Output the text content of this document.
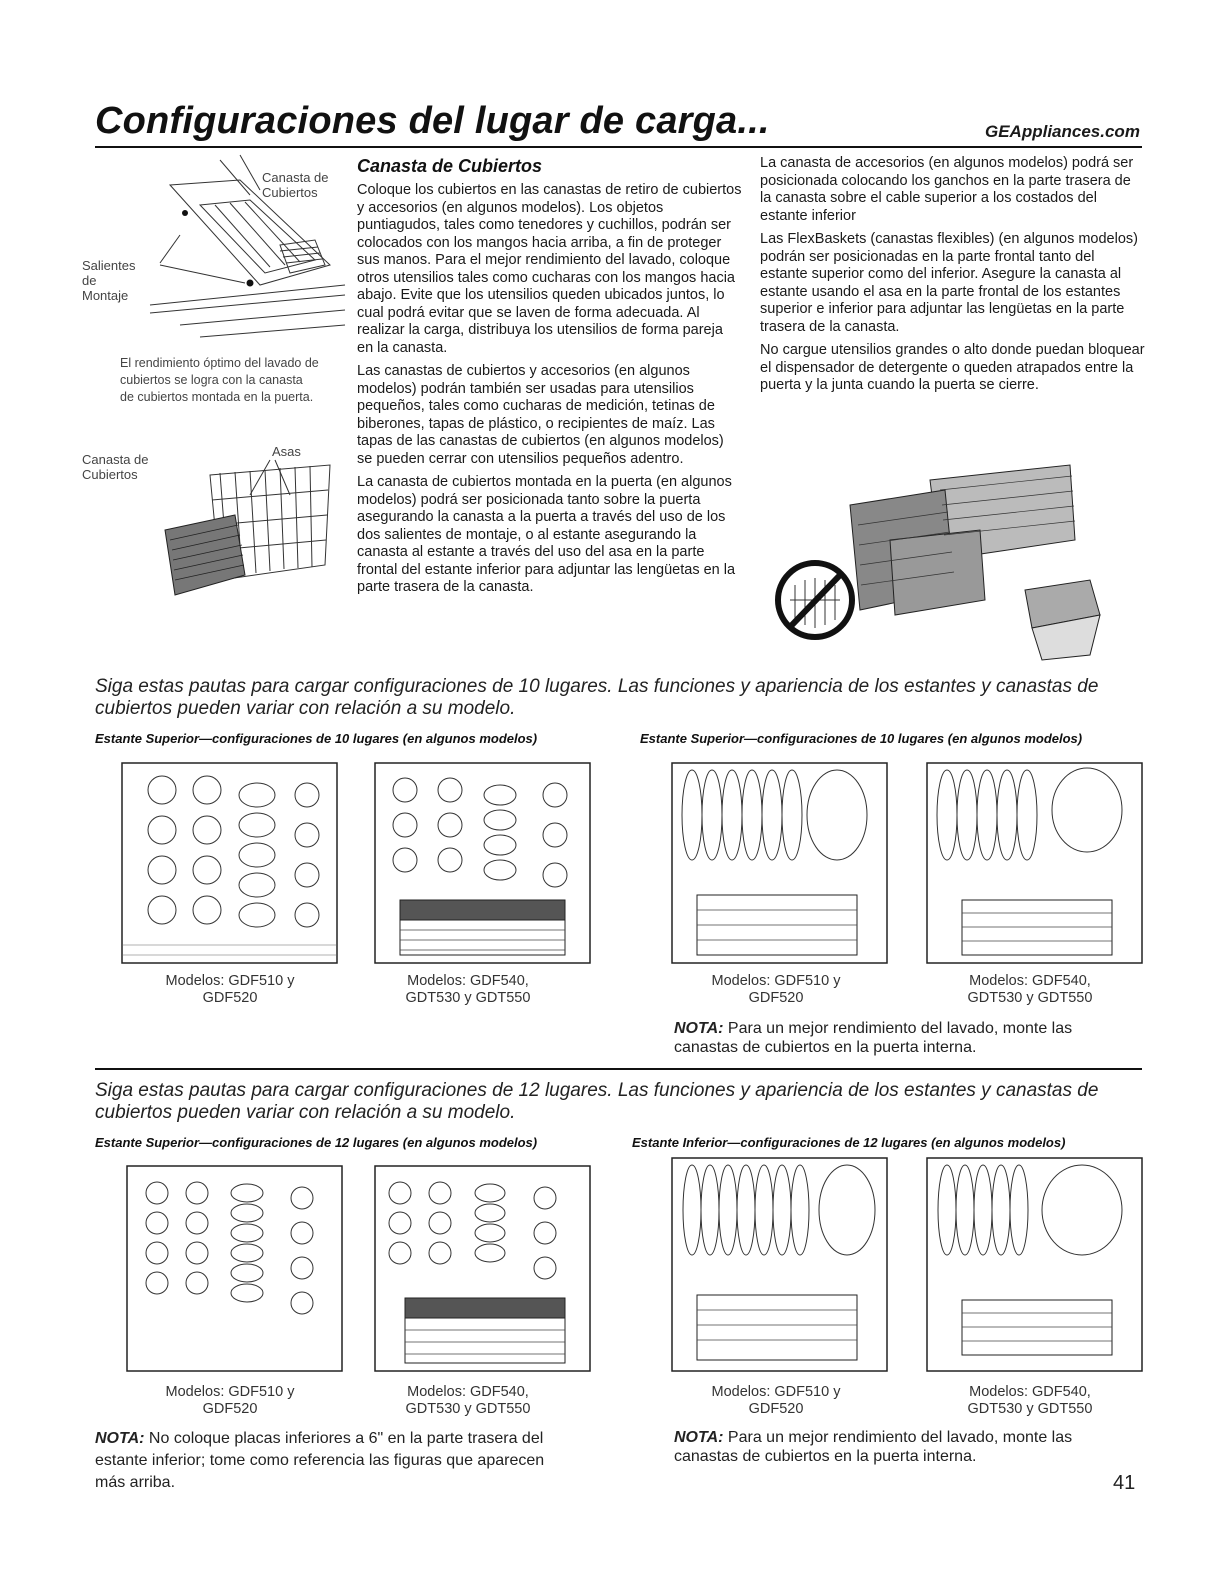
Configuraciones del lugar de carga...	GEAppliances.com
Canasta de Cubiertos
Salientes de Montaje
El rendimiento óptimo del lavado de cubiertos se logra con la canasta de cubiertos montada en la puerta.
Canasta de Cubiertos
Asas
Canasta de Cubiertos

Coloque los cubiertos en las canastas de retiro de cubiertos y accesorios (en algunos modelos). Los objetos puntiagudos, tales como tenedores y cuchillos, podrán ser colocados con los mangos hacia arriba, a fin de proteger sus manos. Para el mejor rendimiento del lavado, coloque otros utensilios tales como cucharas con los mangos hacia abajo. Evite que los utensilios queden ubicados juntos, lo cual podrá evitar que se laven de forma adecuada. Al realizar la carga, distribuya los utensilios de forma pareja en la canasta.

Las canastas de cubiertos y accesorios (en algunos modelos) podrán también ser usadas para utensilios pequeños, tales como cucharas de medición, tetinas de biberones, tapas de plástico, o recipientes de maíz. Las tapas de las canastas de cubiertos (en algunos modelos) se pueden cerrar con utensilios pequeños adentro.

La canasta de cubiertos montada en la puerta (en algunos modelos) podrá ser posicionada tanto sobre la puerta asegurando la canasta a la puerta a través del uso de los dos salientes de montaje, o al estante asegurando la canasta al estante a través del uso del asa en la parte frontal del estante inferior para adjuntar las lengüetas en la parte trasera de la canasta.

La canasta de accesorios (en algunos modelos) podrá ser posicionada colocando los ganchos en la parte trasera de la canasta sobre el cable superior a los costados del estante inferior

Las FlexBaskets (canastas flexibles) (en algunos modelos) podrán ser posicionadas en la parte frontal tanto del estante superior como del inferior. Asegure la canasta al estante usando el asa en la parte frontal de los estantes superior e inferior para adjuntar las lengüetas en la parte trasera de la canasta.

No cargue utensilios grandes o alto donde puedan bloquear el dispensador de detergente o queden atrapados entre la puerta y la junta cuando la puerta se cierre.

Siga estas pautas para cargar configuraciones de 10 lugares. Las funciones y apariencia de los estantes y canastas de cubiertos pueden variar con relación a su modelo.
Estante Superior—configuraciones de 10 lugares (en algunos modelos)	Estante Superior—configuraciones de 10 lugares (en algunos modelos)
Modelos: GDF510 y
GDF520
Modelos: GDF540,
GDT530 y GDT550
Modelos: GDF510 y
GDF520
Modelos: GDF540,
GDT530 y GDT550
NOTA: Para un mejor rendimiento del lavado, monte las canastas de cubiertos en la puerta interna.
Siga estas pautas para cargar configuraciones de 12 lugares. Las funciones y apariencia de los estantes y canastas de cubiertos pueden variar con relación a su modelo.
Estante Superior—configuraciones de 12 lugares (en algunos modelos)	Estante Inferior—configuraciones de 12 lugares (en algunos modelos)
Modelos: GDF510 y
GDF520
Modelos: GDF540,
GDT530 y GDT550
Modelos: GDF510 y
GDF520
Modelos: GDF540,
GDT530 y GDT550
NOTA: No coloque placas inferiores a 6" en la parte trasera del estante inferior; tome como referencia las figuras que aparecen más arriba.
NOTA: Para un mejor rendimiento del lavado, monte las canastas de cubiertos en la puerta interna.
41
